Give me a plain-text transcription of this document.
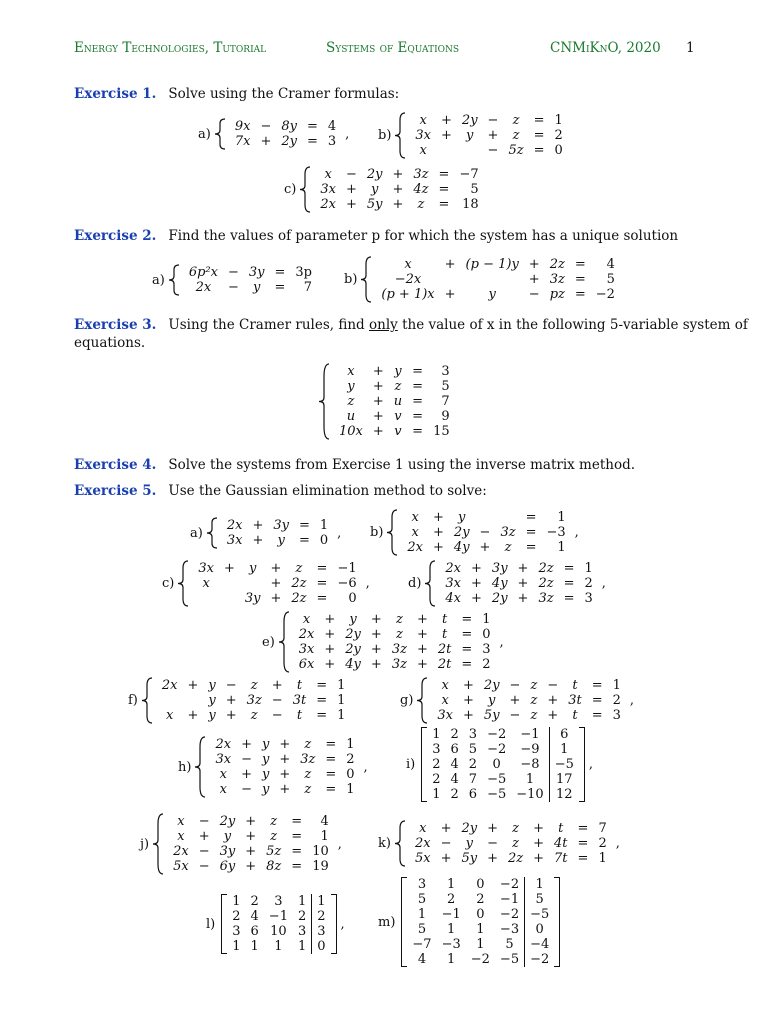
Energy Technologies, Tutorial	Systems of Equations	CNMiKnO, 2020 1
Exercise 1. Solve using the Cramer formulas:
a) 9x	−	8y	=	4
7x	+	2y	=	3 , b)
x	+	2y	−	z	=	1
3x	+	y	+	z	=	2
x			−	5z	=	0
c)
x	−	2y	+	3z	=	−7
3x	+	y	+	4z	=	5
2x	+	5y	+	z	=	18
Exercise 2. Find the values of parameter p for which the system has a unique solution
a) 6p²x	−	3y	=	3p
2x	−	y	=	7
b)
x	+	(p − 1)y	+	2z	=	4
−2x			+	3z	=	5
(p + 1)x	+	y	−	pz	=	−2
Exercise 3. Using the Cramer rules, find only the value of x in the following 5-variable system of
equations.
x	+	y	=	3
y	+	z	=	5
z	+	u	=	7
u	+	v	=	9
10x	+	v	=	15
Exercise 4. Solve the systems from Exercise 1 using the inverse matrix method.
Exercise 5. Use the Gaussian elimination method to solve:
a) 2x	+	3y	=	1
3x	+	y	=	0 , b)
x	+	y			=	1
x	+	2y	−	3z	=	−3
2x	+	4y	+	z	=	1
,
c)
3x	+	y	+	z	=	−1
x			+	2z	=	−6
		3y	+	2z	=	0
,	d)
2x	+	3y	+	2z	=	1
3x	+	4y	+	2z	=	2
4x	+	2y	+	3z	=	3
,
e)
x	+	y	+	z	+	t	=	1
2x	+	2y	+	z	+	t	=	0
3x	+	2y	+	3z	+	2t	=	3
6x	+	4y	+	3z	+	2t	=	2
,
f)
2x	+	y	−	z	+	t	=	1
		y	+	3z	−	3t	=	1
x	+	y	+	z	−	t	=	1
g)
x	+	2y	−	z	−	t	=	1
x	+	y	+	z	+	3t	=	2
3x	+	5y	−	z	+	t	=	3
,
h)
2x	+	y	+	z	=	1
3x	−	y	+	3z	=	2
x	+	y	+	z	=	0
x	−	y	+	z	=	1
,	i)
1	2	3	−2	−1	6
3	6	5	−2	−9	1
2	4	2	0	−8	−5
2	4	7	−5	1	17
1	2	6	−5	−10	12
,
j)
x	−	2y	+	z	=	4
x	+	y	+	z	=	1
2x	−	3y	+	5z	=	10
5x	−	6y	+	8z	=	19
,	k)
x	+	2y	+	z	+	t	=	7
2x	−	y	−	z	+	4t	=	2
5x	+	5y	+	2z	+	7t	=	1
,
l)
1	2	3	1	1
2	4	−1	2	2
3	6	10	3	3
1	1	1	1	0
,	m)
3	1	0	−2	1
5	2	2	−1	5
1	−1	0	−2	−5
5	1	1	−3	0
−7	−3	1	5	−4
4	1	−2	−5	−2
